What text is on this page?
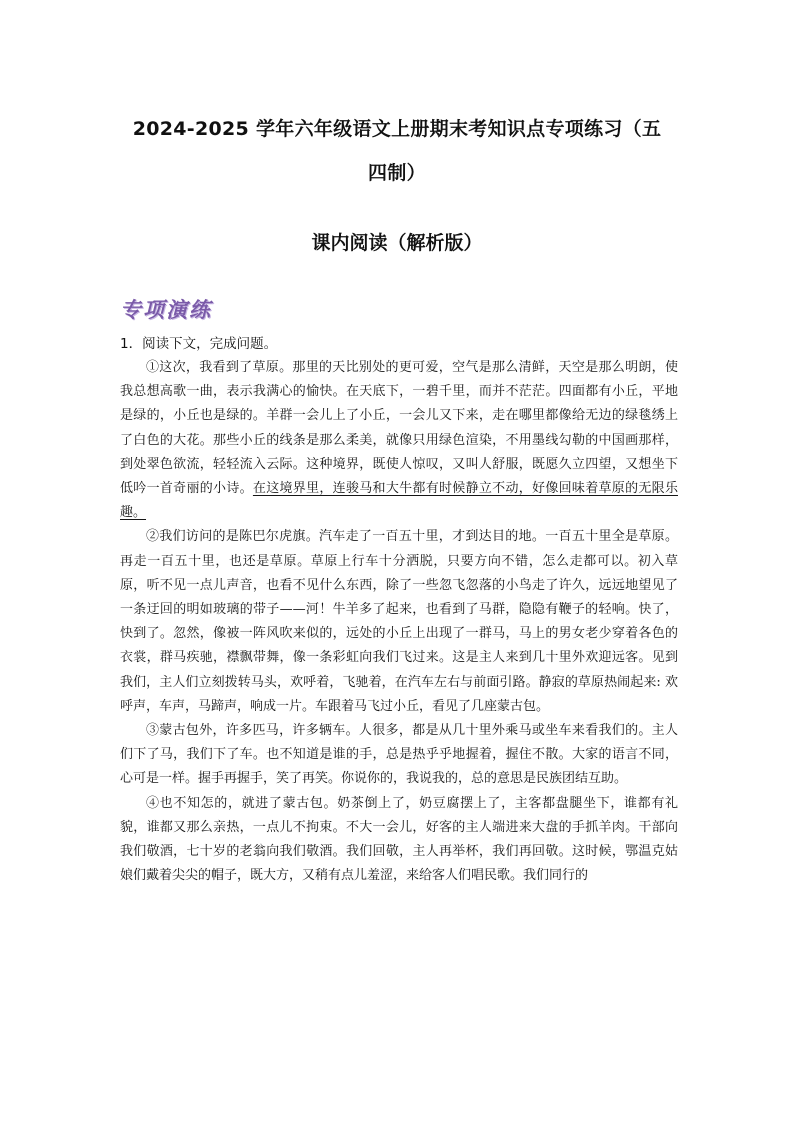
2024-2025 学年六年级语文上册期末考知识点专项练习（五
四制）
课内阅读（解析版）
专项演练

1．阅读下文，完成问题。

①这次，我看到了草原。那里的天比别处的更可爱，空气是那么清鲜，天空是那么明朗，使我总想高歌一曲，表示我满心的愉快。在天底下，一碧千里，而并不茫茫。四面都有小丘，平地是绿的，小丘也是绿的。羊群一会儿上了小丘，一会儿又下来，走在哪里都像给无边的绿毯绣上了白色的大花。那些小丘的线条是那么柔美，就像只用绿色渲染，不用墨线勾勒的中国画那样，到处翠色欲流，轻轻流入云际。这种境界，既使人惊叹，又叫人舒服，既愿久立四望，又想坐下低吟一首奇丽的小诗。在这境界里，连骏马和大牛都有时候静立不动，好像回味着草原的无限乐趣。

②我们访问的是陈巴尔虎旗。汽车走了一百五十里，才到达目的地。一百五十里全是草原。再走一百五十里，也还是草原。草原上行车十分洒脱，只要方向不错，怎么走都可以。初入草原，听不见一点儿声音，也看不见什么东西，除了一些忽飞忽落的小鸟走了许久，远远地望见了一条迂回的明如玻璃的带子——河！牛羊多了起来，也看到了马群，隐隐有鞭子的轻响。快了，快到了。忽然，像被一阵风吹来似的，远处的小丘上出现了一群马，马上的男女老少穿着各色的衣裳，群马疾驰，襟飘带舞，像一条彩虹向我们飞过来。这是主人来到几十里外欢迎远客。见到我们，主人们立刻拨转马头，欢呼着，飞驰着，在汽车左右与前面引路。静寂的草原热闹起来: 欢呼声，车声，马蹄声，响成一片。车跟着马飞过小丘，看见了几座蒙古包。

③蒙古包外，许多匹马，许多辆车。人很多，都是从几十里外乘马或坐车来看我们的。主人们下了马，我们下了车。也不知道是谁的手，总是热乎乎地握着，握住不散。大家的语言不同，心可是一样。握手再握手，笑了再笑。你说你的，我说我的，总的意思是民族团结互助。

④也不知怎的，就进了蒙古包。奶茶倒上了，奶豆腐摆上了，主客都盘腿坐下，谁都有礼貌，谁都又那么亲热，一点儿不拘束。不大一会儿，好客的主人端进来大盘的手抓羊肉。干部向我们敬酒，七十岁的老翁向我们敬酒。我们回敬，主人再举杯，我们再回敬。这时候，鄂温克姑娘们戴着尖尖的帽子，既大方，又稍有点儿羞涩，来给客人们唱民歌。我们同行的
